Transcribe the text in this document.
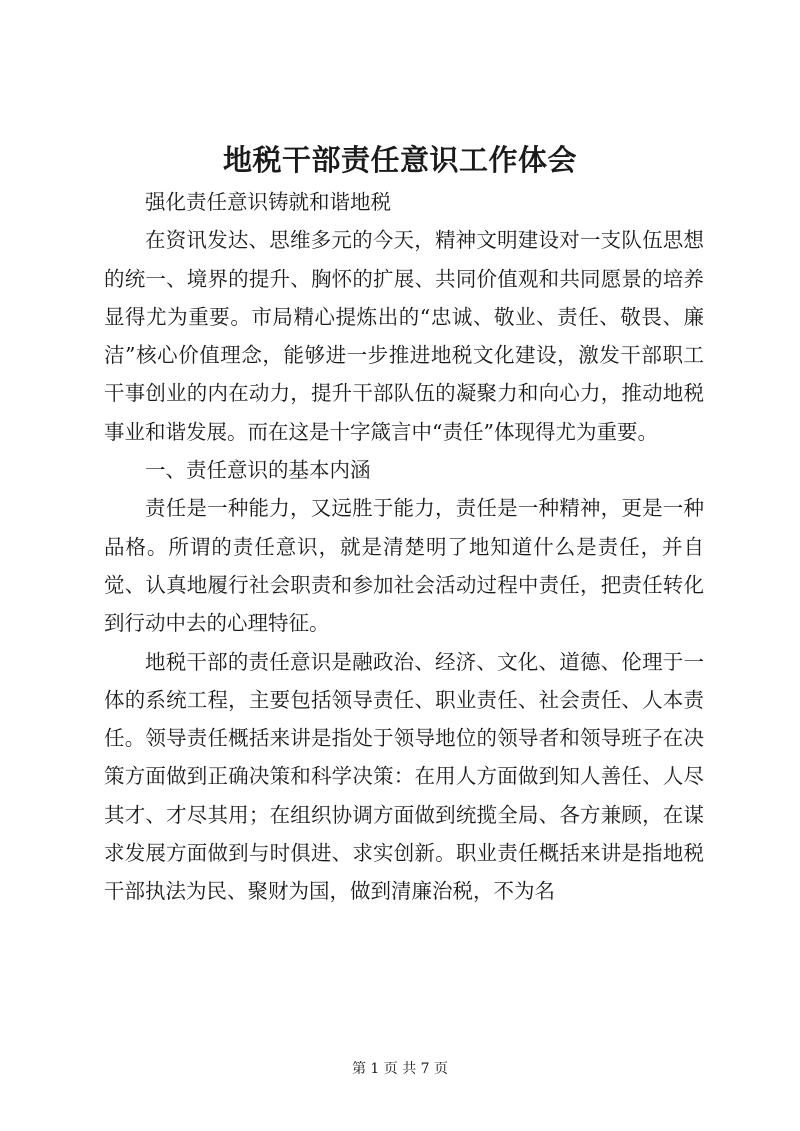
地税干部责任意识工作体会

强化责任意识铸就和谐地税

在资讯发达、思维多元的今天，精神文明建设对一支队伍思想的统一、境界的提升、胸怀的扩展、共同价值观和共同愿景的培养显得尤为重要。市局精心提炼出的“忠诚、敬业、责任、敬畏、廉洁”核心价值理念，能够进一步推进地税文化建设，激发干部职工干事创业的内在动力，提升干部队伍的凝聚力和向心力，推动地税事业和谐发展。而在这是十字箴言中“责任”体现得尤为重要。

一、责任意识的基本内涵

责任是一种能力，又远胜于能力，责任是一种精神，更是一种品格。所谓的责任意识，就是清楚明了地知道什么是责任，并自觉、认真地履行社会职责和参加社会活动过程中责任，把责任转化到行动中去的心理特征。

地税干部的责任意识是融政治、经济、文化、道德、伦理于一体的系统工程，主要包括领导责任、职业责任、社会责任、人本责任。领导责任概括来讲是指处于领导地位的领导者和领导班子在决策方面做到正确决策和科学决策：在用人方面做到知人善任、人尽其才、才尽其用；在组织协调方面做到统揽全局、各方兼顾，在谋求发展方面做到与时俱进、求实创新。职业责任概括来讲是指地税干部执法为民、聚财为国，做到清廉治税，不为名

第 1 页 共 7 页
